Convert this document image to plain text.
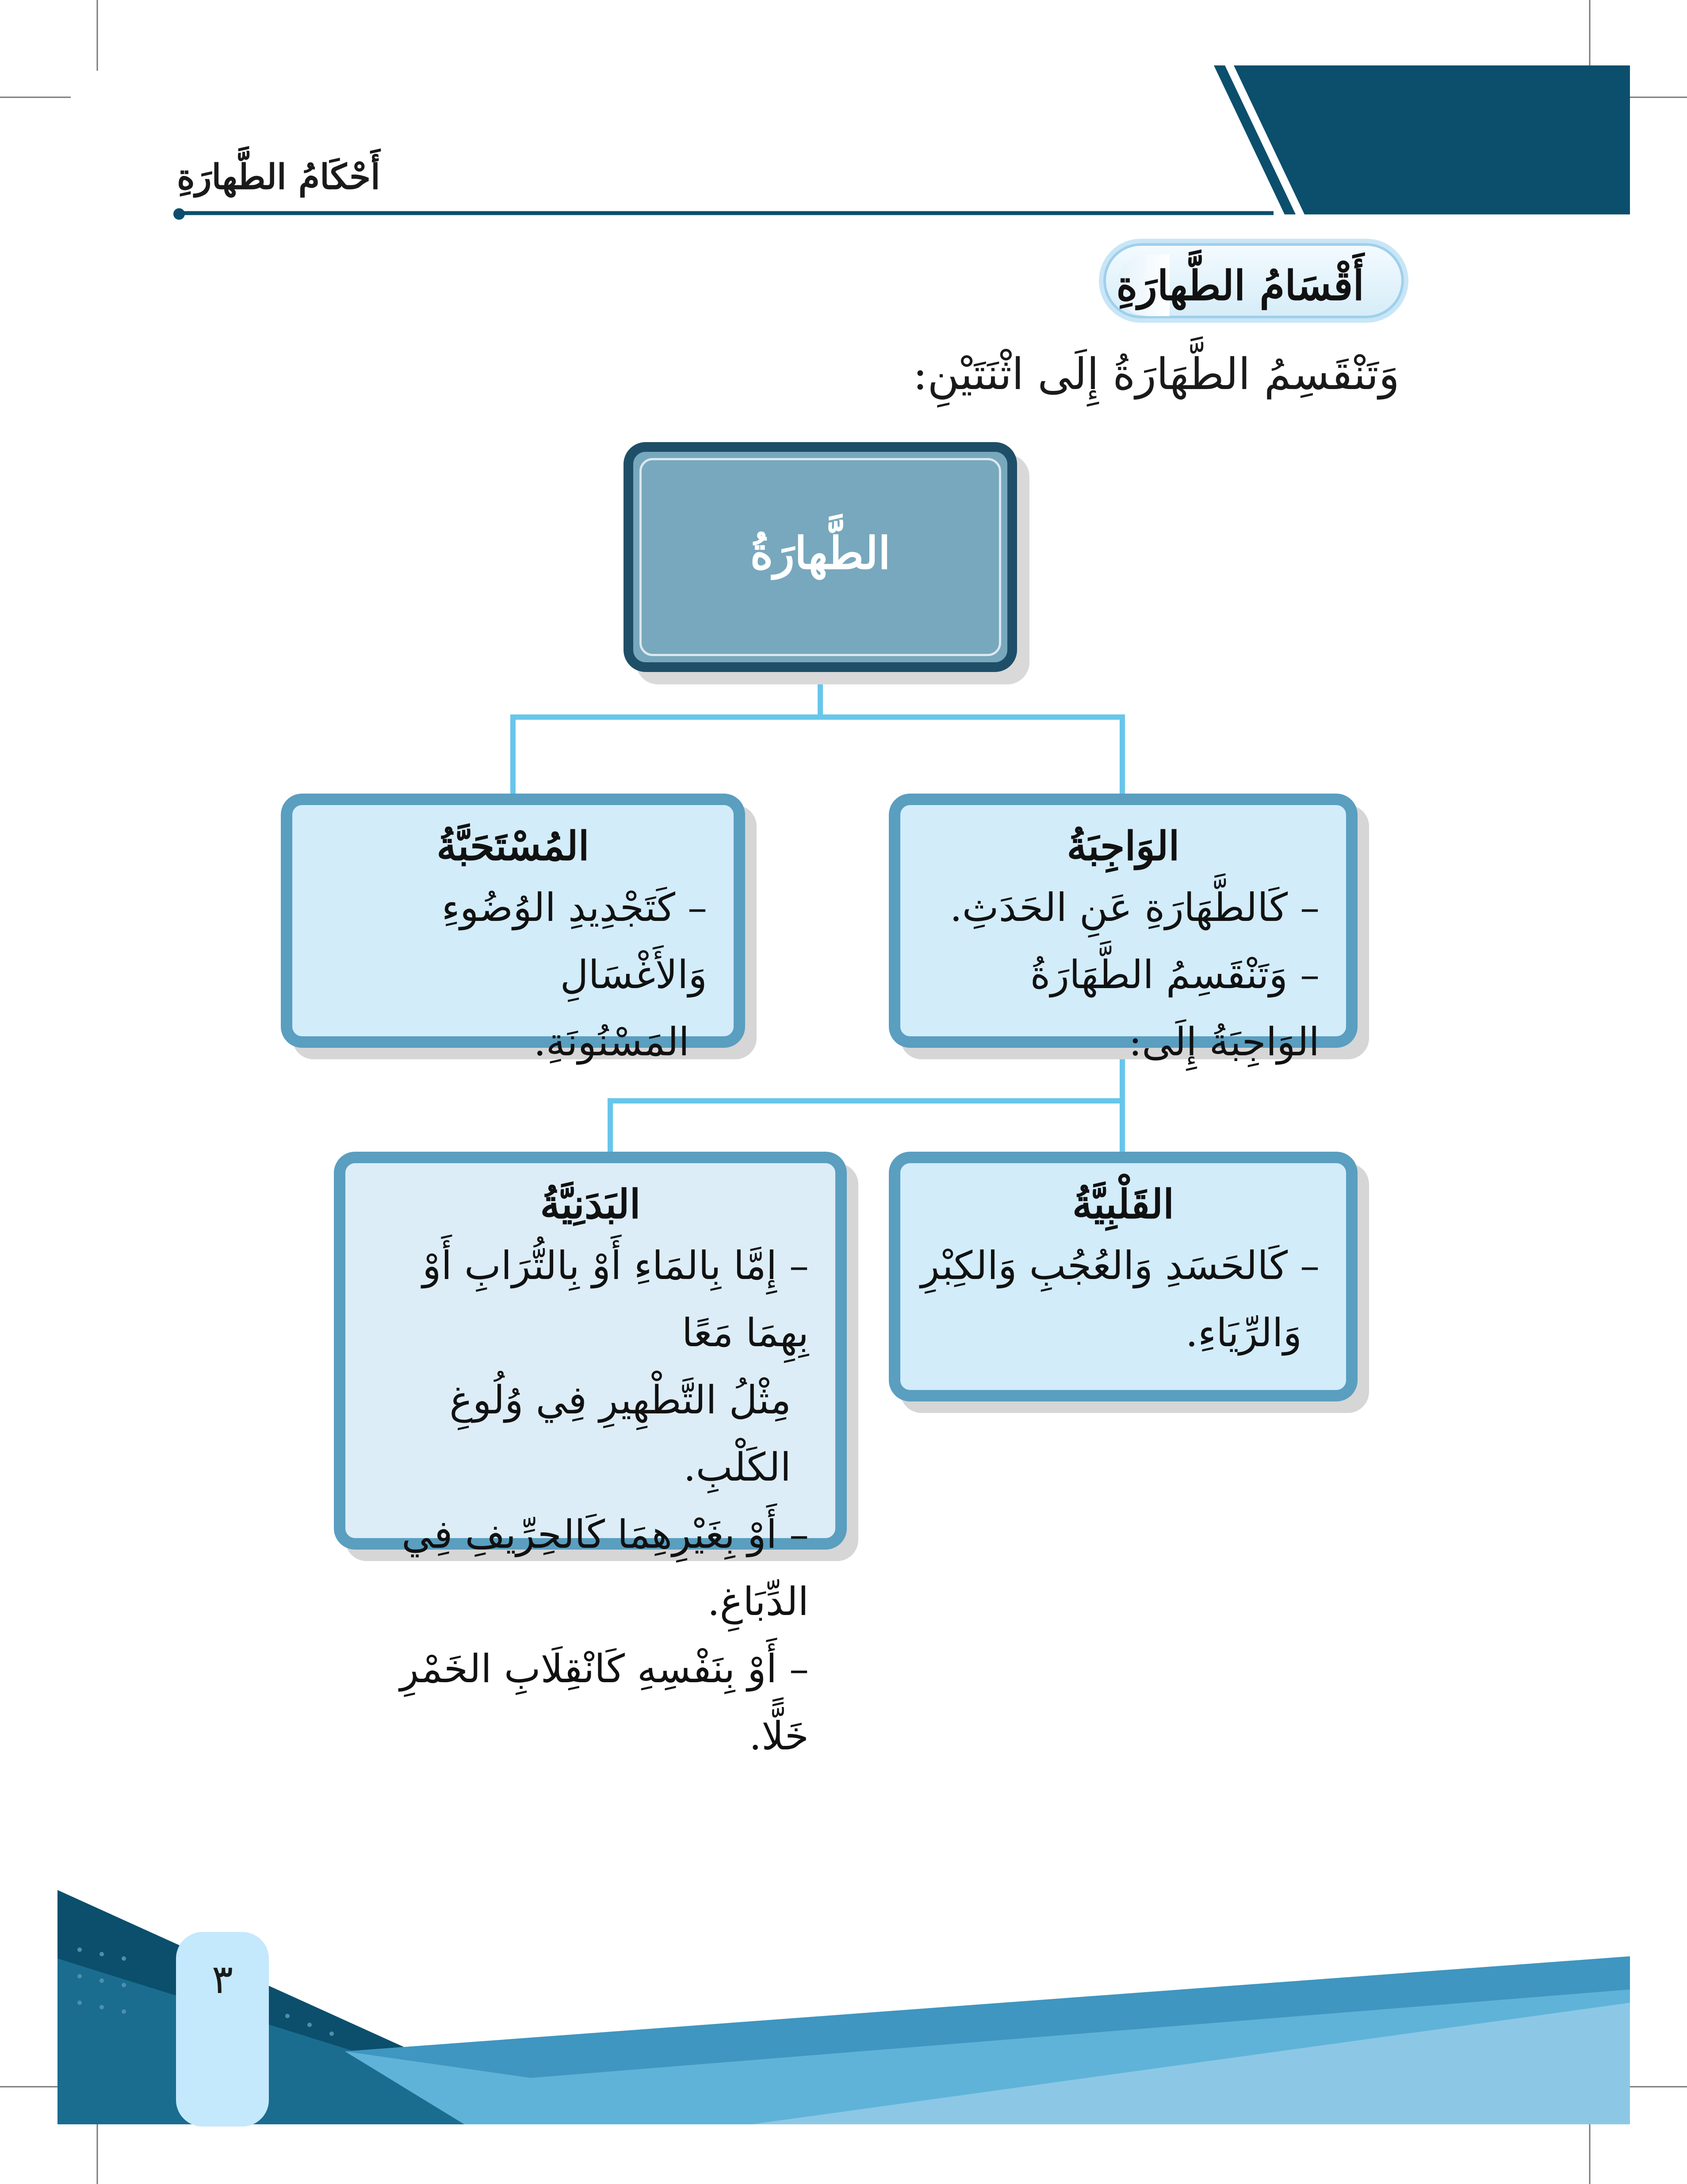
أَحْكَامُ الطَّهارَةِ
أَقْسَامُ الطَّهارَةِ
وَتَنْقَسِمُ الطَّهَارَةُ إِلَى اثْنَتَيْنِ:
الطَّهارَةُ
الوَاجِبَةُ
– كَالطَّهَارَةِ عَنِ الحَدَثِ.
– وَتَنْقَسِمُ الطَّهَارَةُ الوَاجِبَةُ إِلَى:
المُسْتَحَبَّةُ
– كَتَجْدِيدِ الوُضُوءِ وَالأَغْسَالِ
المَسْنُونَةِ.
القَلْبِيَّةُ
– كَالحَسَدِ وَالعُجُبِ وَالكِبْرِ
وَالرِّيَاءِ.
البَدَنِيَّةُ
– إِمَّا بِالمَاءِ أَوْ بِالتُّرَابِ أَوْ بِهِمَا مَعًا
مِثْلُ التَّطْهِيرِ فِي وُلُوغِ الكَلْبِ.
– أَوْ بِغَيْرِهِمَا كَالحِرِّيفِ فِي الدِّبَاغِ.
– أَوْ بِنَفْسِهِ كَانْقِلَابِ الخَمْرِ خَلًّا.
٣
